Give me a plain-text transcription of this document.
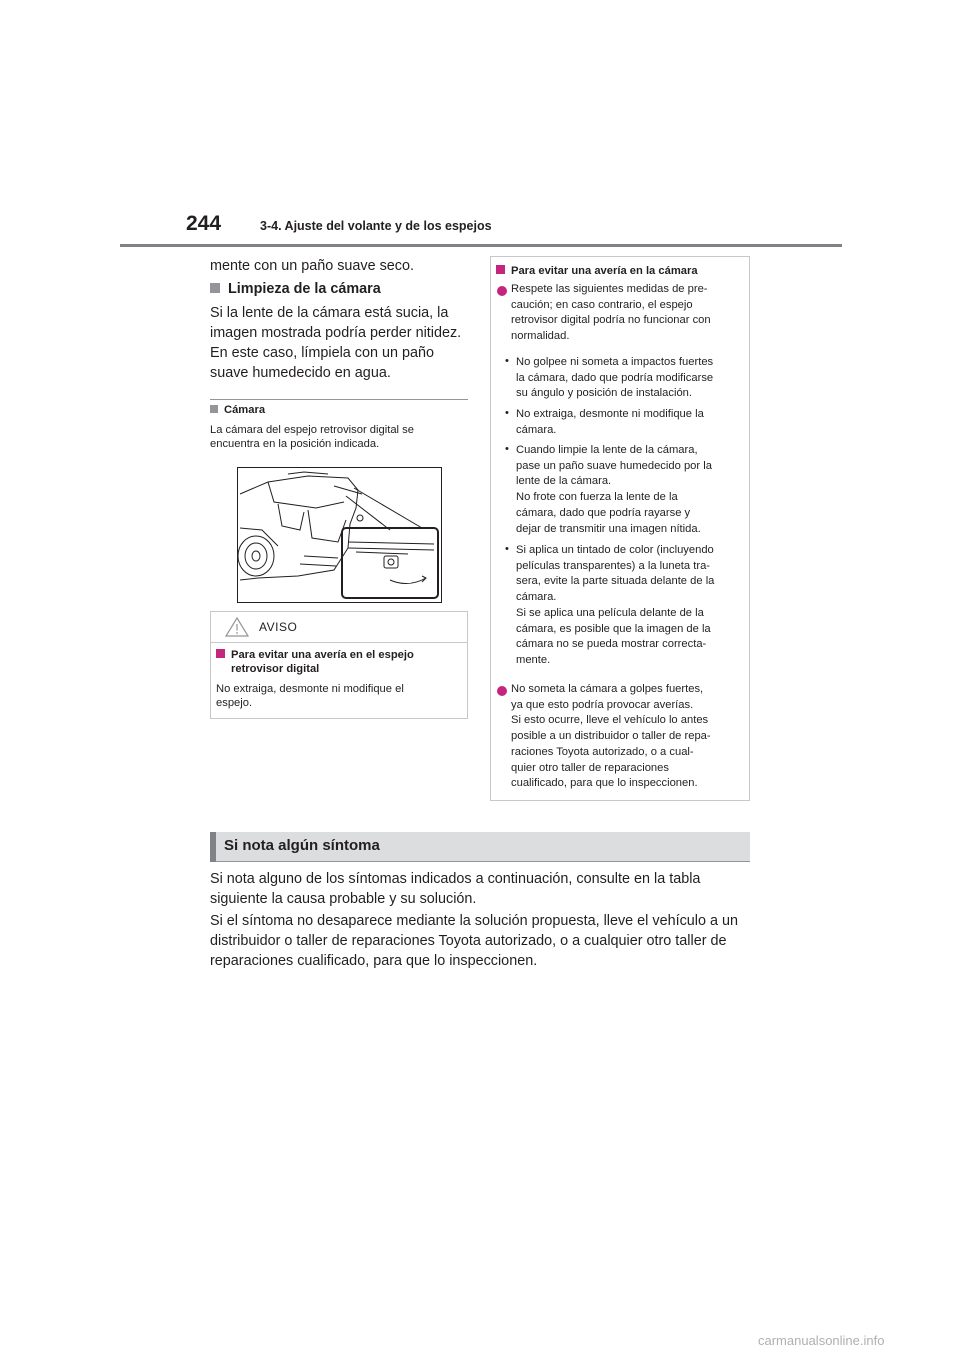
244	3-4. Ajuste del volante y de los espejos
mente con un paño suave seco.
Limpieza de la cámara
Si la lente de la cámara está sucia, la
imagen mostrada podría perder nitidez.
En este caso, límpiela con un paño
suave humedecido en agua.
Cámara
La cámara del espejo retrovisor digital se
encuentra en la posición indicada.
AVISO
Para evitar una avería en el espejo
retrovisor digital
No extraiga, desmonte ni modifique el
espejo.
Para evitar una avería en la cámara
Respete las siguientes medidas de pre-
caución; en caso contrario, el espejo
retrovisor digital podría no funcionar con
normalidad.
• No golpee ni someta a impactos fuertes
la cámara, dado que podría modificarse
su ángulo y posición de instalación.
• No extraiga, desmonte ni modifique la
cámara.
• Cuando limpie la lente de la cámara,
pase un paño suave humedecido por la
lente de la cámara.
No frote con fuerza la lente de la
cámara, dado que podría rayarse y
dejar de transmitir una imagen nítida.
• Si aplica un tintado de color (incluyendo
películas transparentes) a la luneta tra-
sera, evite la parte situada delante de la
cámara.
Si se aplica una película delante de la
cámara, es posible que la imagen de la
cámara no se pueda mostrar correcta-
mente.
No someta la cámara a golpes fuertes,
ya que esto podría provocar averías.
Si esto ocurre, lleve el vehículo lo antes
posible a un distribuidor o taller de repa-
raciones Toyota autorizado, o a cual-
quier otro taller de reparaciones
cualificado, para que lo inspeccionen.
Si nota algún síntoma
Si nota alguno de los síntomas indicados a continuación, consulte en la tabla
siguiente la causa probable y su solución.
Si el síntoma no desaparece mediante la solución propuesta, lleve el vehículo a un
distribuidor o taller de reparaciones Toyota autorizado, o a cualquier otro taller de
reparaciones cualificado, para que lo inspeccionen.
carmanualsonline.info
